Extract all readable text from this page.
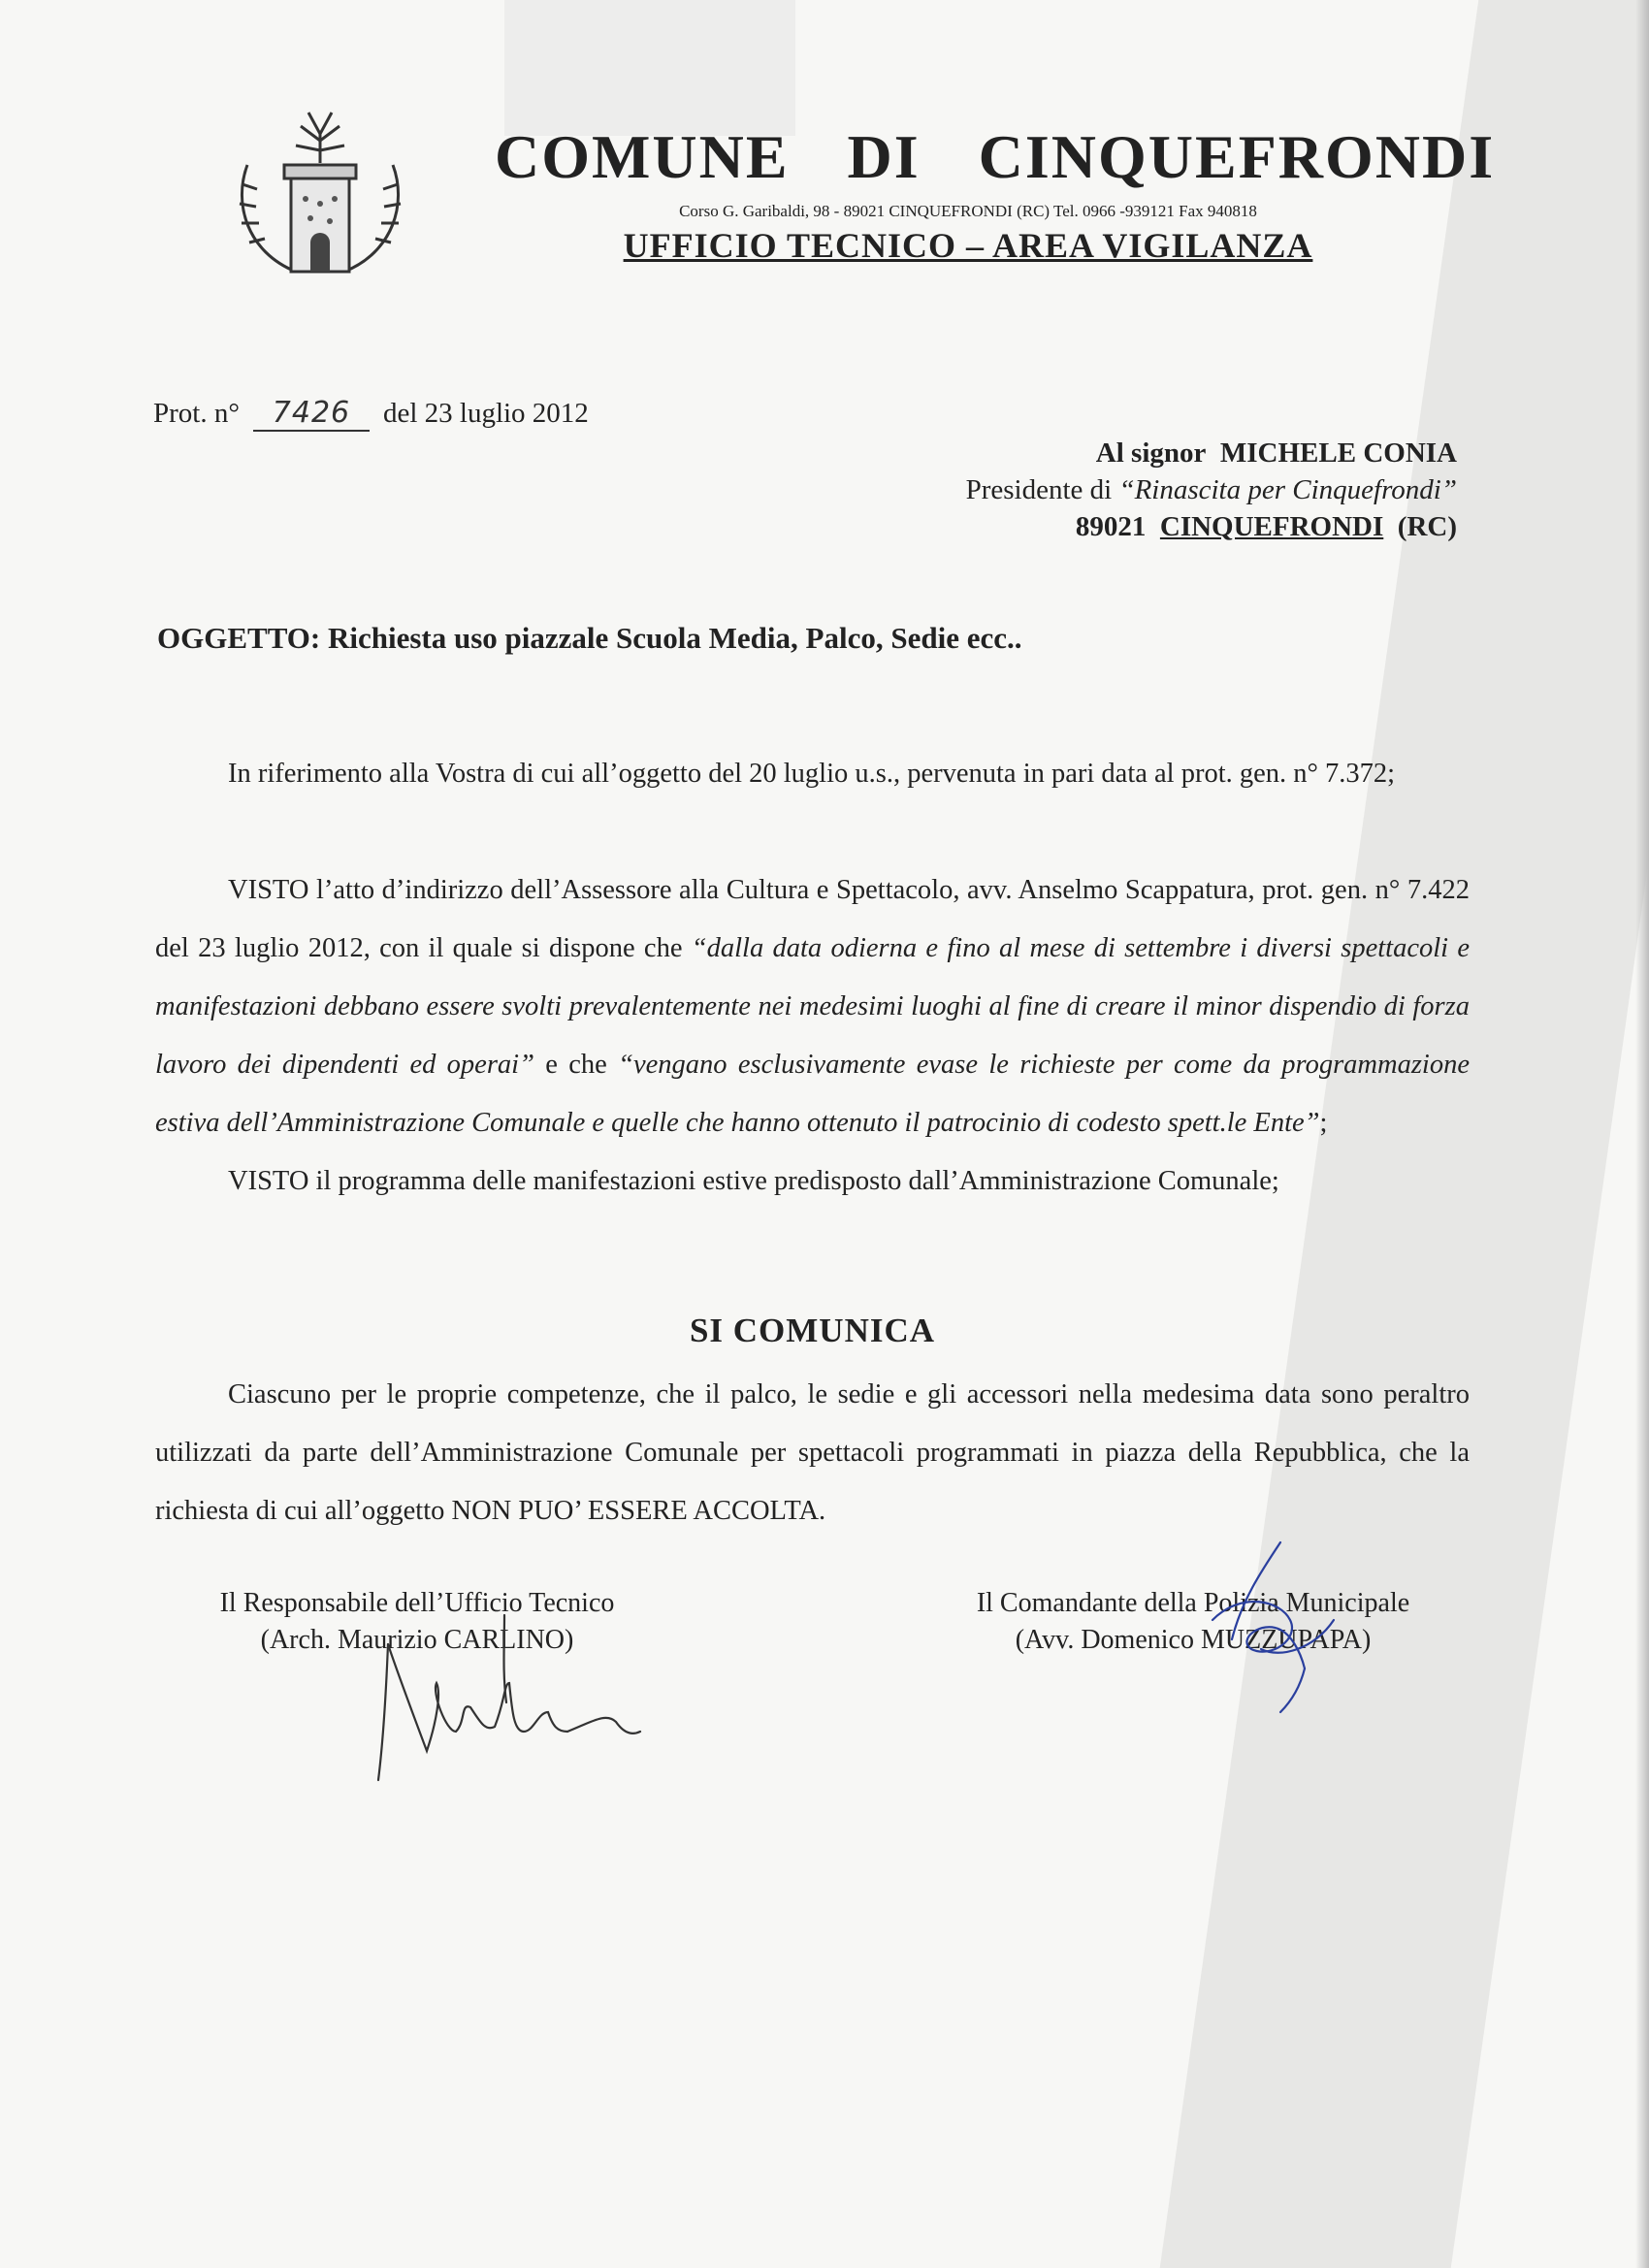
COMUNE DI CINQUEFRONDI
Corso G. Garibaldi, 98 - 89021 CINQUEFRONDI (RC) Tel. 0966 -939121 Fax 940818
UFFICIO TECNICO – AREA VIGILANZA
Prot. n° 7426 del 23 luglio 2012
Al signor MICHELE CONIA
Presidente di “Rinascita per Cinquefrondi”
89021 CINQUEFRONDI (RC)
OGGETTO: Richiesta uso piazzale Scuola Media, Palco, Sedie ecc..

In riferimento alla Vostra di cui all’oggetto del 20 luglio u.s., pervenuta in pari data al prot. gen. n° 7.372;

VISTO l’atto d’indirizzo dell’Assessore alla Cultura e Spettacolo, avv. Anselmo Scappatura, prot. gen. n° 7.422 del 23 luglio 2012, con il quale si dispone che “dalla data odierna e fino al mese di settembre i diversi spettacoli e manifestazioni debbano essere svolti prevalentemente nei medesimi luoghi al fine di creare il minor dispendio di forza lavoro dei dipendenti ed operai” e che “vengano esclusivamente evase le richieste per come da programmazione estiva dell’Amministrazione Comunale e quelle che hanno ottenuto il patrocinio di codesto spett.le Ente”;

VISTO il programma delle manifestazioni estive predisposto dall’Amministrazione Comunale;

SI COMUNICA

Ciascuno per le proprie competenze, che il palco, le sedie e gli accessori nella medesima data sono peraltro utilizzati da parte dell’Amministrazione Comunale per spettacoli programmati in piazza della Repubblica, che la richiesta di cui all’oggetto NON PUO’ ESSERE ACCOLTA.

Il Responsabile dell’Ufficio Tecnico
(Arch. Maurizio CARLINO)
Il Comandante della Polizia Municipale
(Avv. Domenico MUZZUPAPA)
